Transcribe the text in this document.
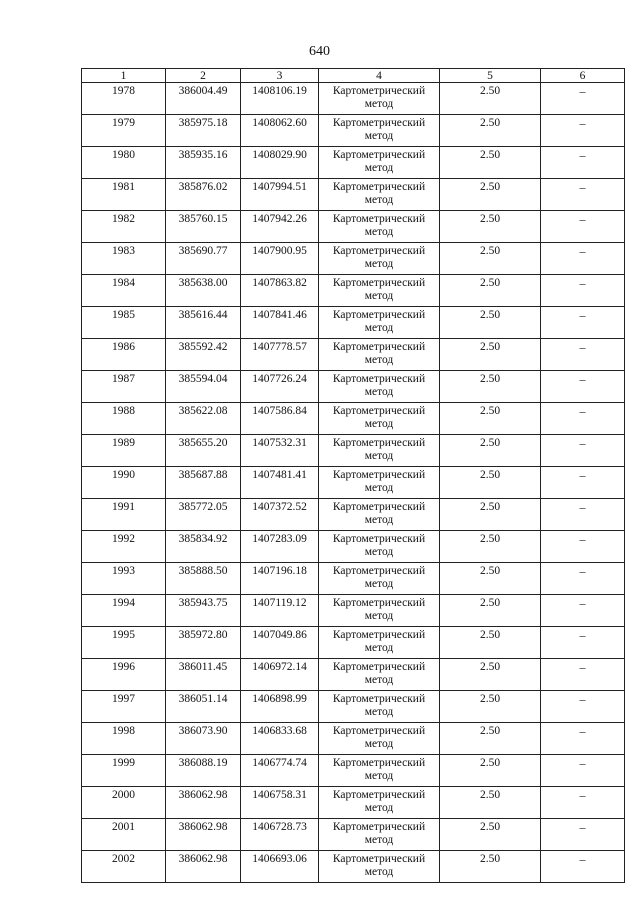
640
1	2	3	4	5	6
1978	386004.49	1408106.19	Картометрический метод	2.50	–
1979	385975.18	1408062.60	Картометрический метод	2.50	–
1980	385935.16	1408029.90	Картометрический метод	2.50	–
1981	385876.02	1407994.51	Картометрический метод	2.50	–
1982	385760.15	1407942.26	Картометрический метод	2.50	–
1983	385690.77	1407900.95	Картометрический метод	2.50	–
1984	385638.00	1407863.82	Картометрический метод	2.50	–
1985	385616.44	1407841.46	Картометрический метод	2.50	–
1986	385592.42	1407778.57	Картометрический метод	2.50	–
1987	385594.04	1407726.24	Картометрический метод	2.50	–
1988	385622.08	1407586.84	Картометрический метод	2.50	–
1989	385655.20	1407532.31	Картометрический метод	2.50	–
1990	385687.88	1407481.41	Картометрический метод	2.50	–
1991	385772.05	1407372.52	Картометрический метод	2.50	–
1992	385834.92	1407283.09	Картометрический метод	2.50	–
1993	385888.50	1407196.18	Картометрический метод	2.50	–
1994	385943.75	1407119.12	Картометрический метод	2.50	–
1995	385972.80	1407049.86	Картометрический метод	2.50	–
1996	386011.45	1406972.14	Картометрический метод	2.50	–
1997	386051.14	1406898.99	Картометрический метод	2.50	–
1998	386073.90	1406833.68	Картометрический метод	2.50	–
1999	386088.19	1406774.74	Картометрический метод	2.50	–
2000	386062.98	1406758.31	Картометрический метод	2.50	–
2001	386062.98	1406728.73	Картометрический метод	2.50	–
2002	386062.98	1406693.06	Картометрический метод	2.50	–
